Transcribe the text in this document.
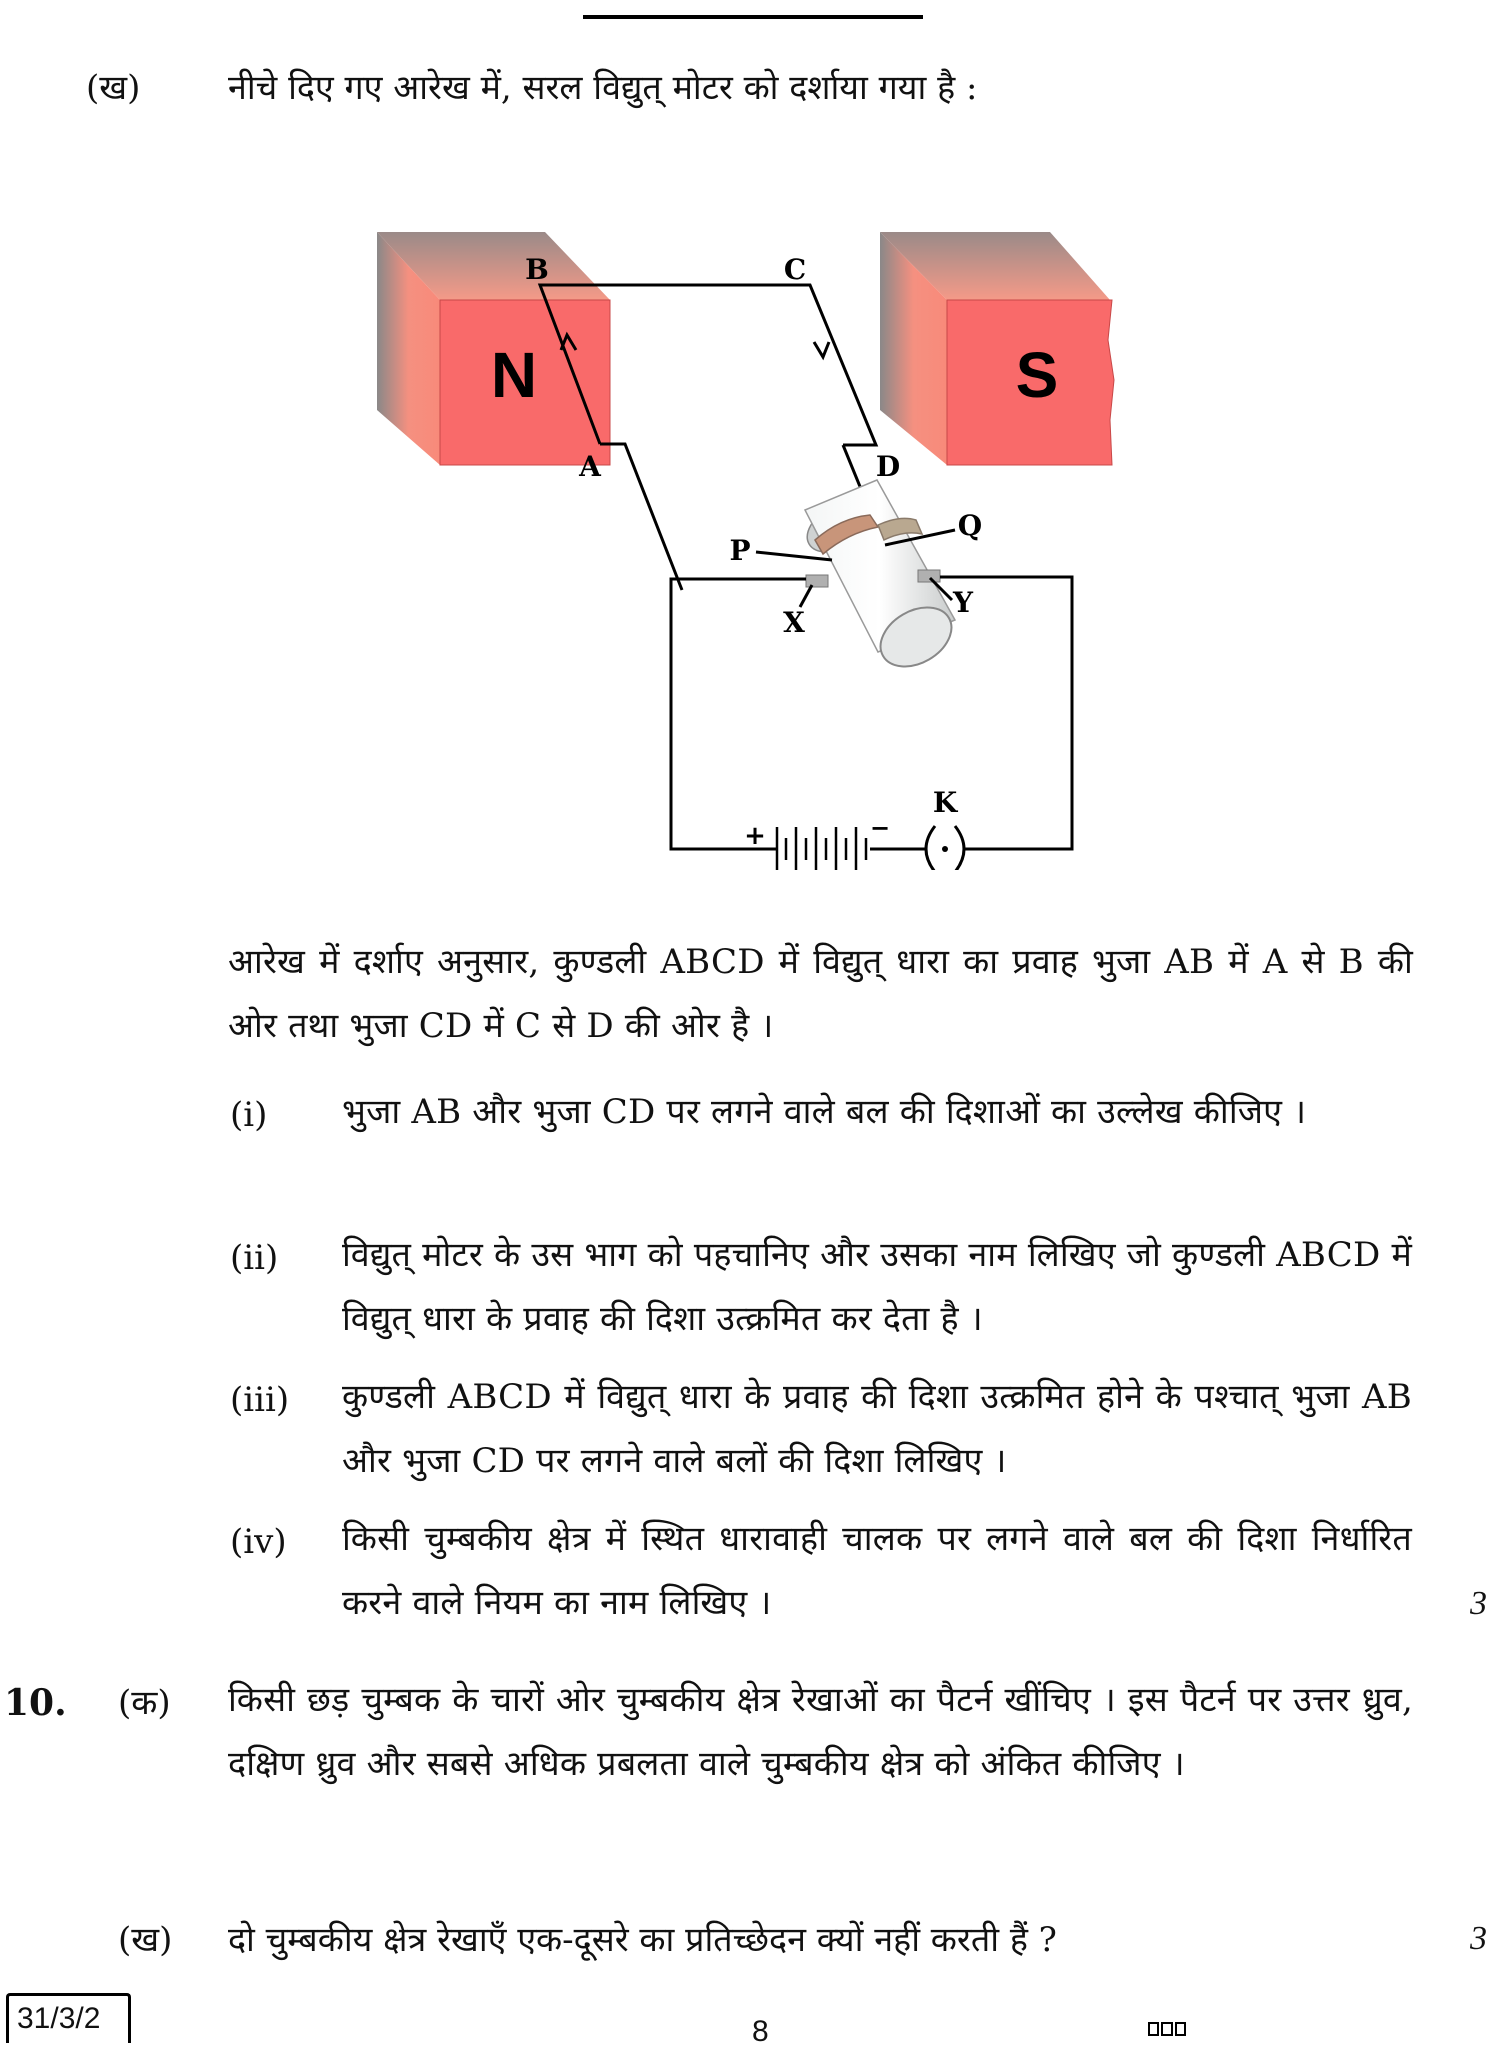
(ख)	नीचे दिए गए आरेख में, सरल विद्युत् मोटर को दर्शाया गया है :
N	S
B	C
A	D
P
Q
X
Y
+	−
K
आरेख में दर्शाए अनुसार, कुण्डली ABCD में विद्युत् धारा का प्रवाह भुजा AB में A से B की ओर तथा भुजा CD में C से D की ओर है ।
(i) भुजा AB और भुजा CD पर लगने वाले बल की दिशाओं का उल्लेख कीजिए ।
(ii) विद्युत् मोटर के उस भाग को पहचानिए और उसका नाम लिखिए जो कुण्डली ABCD में विद्युत् धारा के प्रवाह की दिशा उत्क्रमित कर देता है ।
(iii) कुण्डली ABCD में विद्युत् धारा के प्रवाह की दिशा उत्क्रमित होने के पश्चात् भुजा AB और भुजा CD पर लगने वाले बलों की दिशा लिखिए ।
(iv) किसी चुम्बकीय क्षेत्र में स्थित धारावाही चालक पर लगने वाले बल की दिशा निर्धारित करने वाले नियम का नाम लिखिए ।	3
10. (क) किसी छड़ चुम्बक के चारों ओर चुम्बकीय क्षेत्र रेखाओं का पैटर्न खींचिए । इस पैटर्न पर उत्तर ध्रुव, दक्षिण ध्रुव और सबसे अधिक प्रबलता वाले चुम्बकीय क्षेत्र को अंकित कीजिए ।
(ख) दो चुम्बकीय क्षेत्र रेखाएँ एक-दूसरे का प्रतिच्छेदन क्यों नहीं करती हैं ?	3
31/3/2	8
